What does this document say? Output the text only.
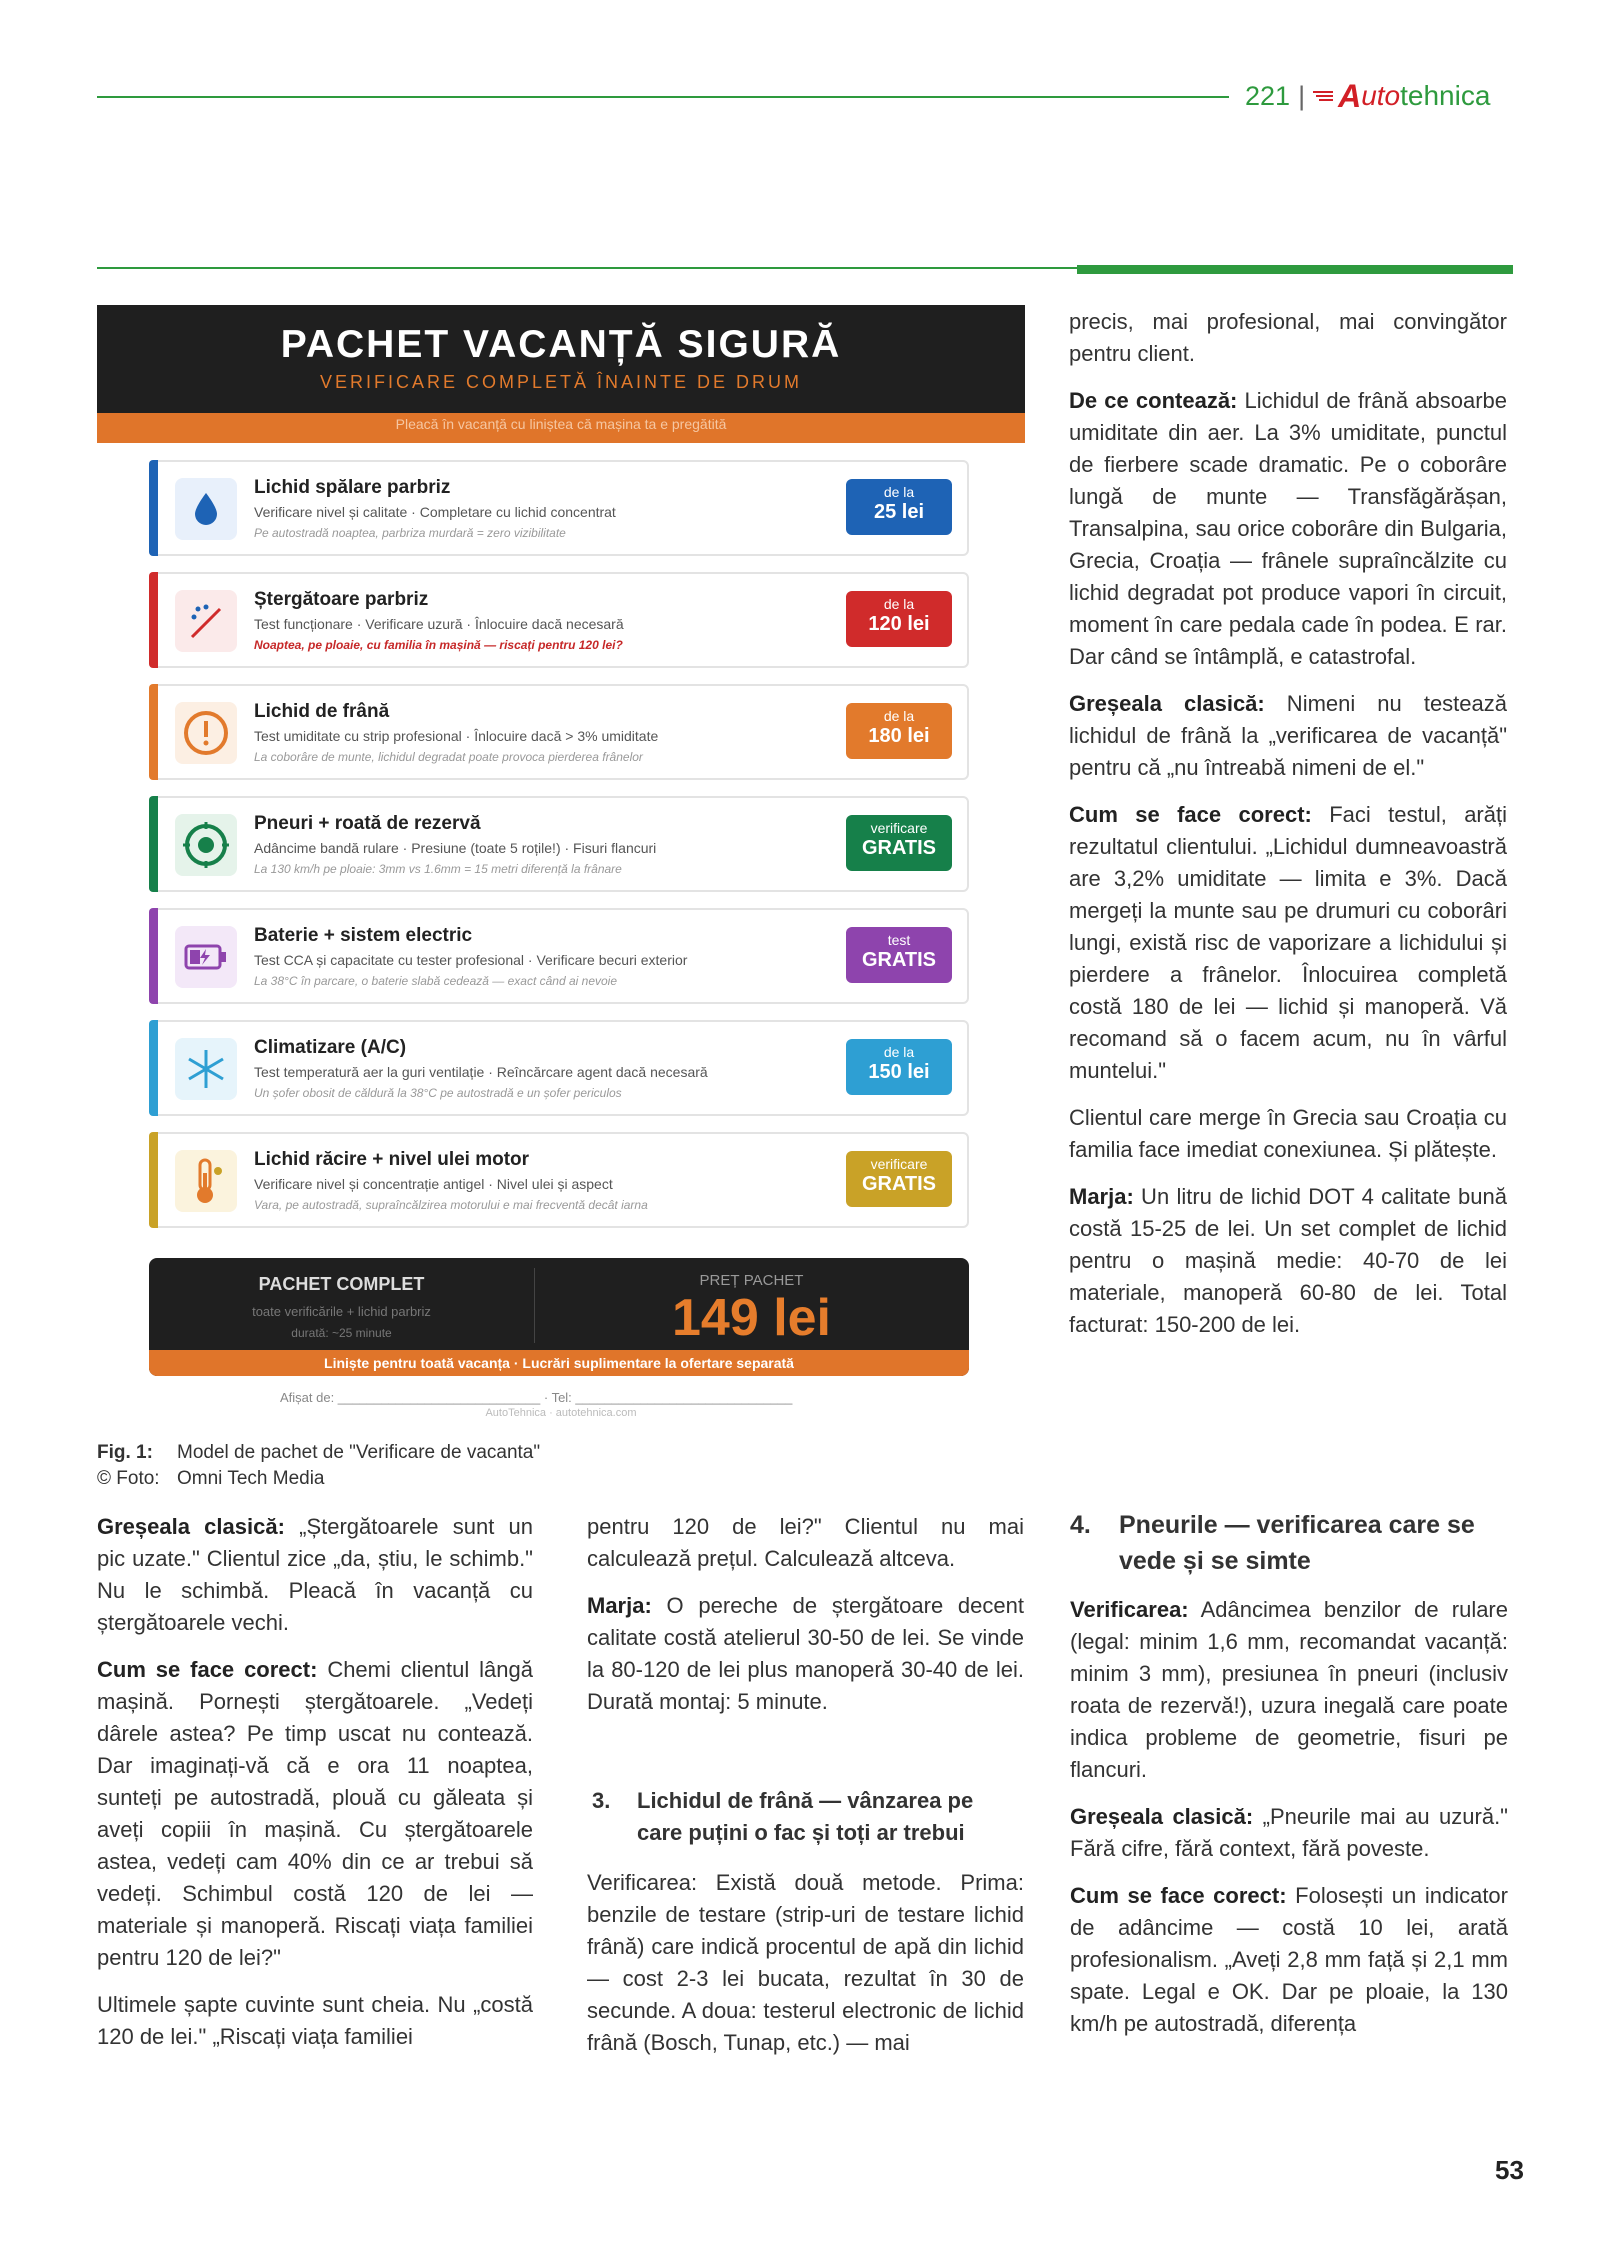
221 | A uto tehnica
PACHET VACANȚĂ SIGURĂ
VERIFICARE COMPLETĂ ÎNAINTE DE DRUM
Pleacă în vacanță cu liniștea că mașina ta e pregătită
Lichid spălare parbriz
Verificare nivel și calitate · Completare cu lichid concentrat
Pe autostradă noaptea, parbriza murdară = zero vizibilitate
de la
25 lei
Ștergătoare parbriz
Test funcționare · Verificare uzură · Înlocuire dacă necesară
Noaptea, pe ploaie, cu familia în mașină — riscați pentru 120 lei?
de la
120 lei
Lichid de frână
Test umiditate cu strip profesional · Înlocuire dacă > 3% umiditate
La coborâre de munte, lichidul degradat poate provoca pierderea frânelor
de la
180 lei
Pneuri + roată de rezervă
Adâncime bandă rulare · Presiune (toate 5 roțile!) · Fisuri flancuri
La 130 km/h pe ploaie: 3mm vs 1.6mm = 15 metri diferență la frânare
verificare
GRATIS
Baterie + sistem electric
Test CCA și capacitate cu tester profesional · Verificare becuri exterior
La 38°C în parcare, o baterie slabă cedează — exact când ai nevoie
test
GRATIS
Climatizare (A/C)
Test temperatură aer la guri ventilație · Reîncărcare agent dacă necesară
Un șofer obosit de căldură la 38°C pe autostradă e un șofer periculos
de la
150 lei
Lichid răcire + nivel ulei motor
Verificare nivel și concentrație antigel · Nivel ulei și aspect
Vara, pe autostradă, supraîncălzirea motorului e mai frecventă decât iarna
verificare
GRATIS
PACHET COMPLET
toate verificările + lichid parbriz
durată: ~25 minute
PREȚ PACHET
149 lei
Liniște pentru toată vacanța · Lucrări suplimentare la ofertare separată
Afișat de: ____________________________ · Tel: ______________________________
AutoTehnica · autotehnica.com
Fig. 1: Model de pachet de "Verificare de vacanta"
© Foto: Omni Tech Media

precis, mai profesional, mai convingător pentru client.

De ce contează: Lichidul de frână absoarbe umiditate din aer. La 3% umiditate, punctul de fierbere scade dramatic. Pe o coborâre lungă de munte — Transfăgărășan, Transalpina, sau orice coborâre din Bulgaria, Grecia, Croația — frânele supraîncălzite cu lichid degradat pot produce vapori în circuit, moment în care pedala cade în podea. E rar. Dar când se întâmplă, e catastrofal.

Greșeala clasică: Nimeni nu testează lichidul de frână la „verificarea de vacanță" pentru că „nu întreabă nimeni de el."

Cum se face corect: Faci testul, arăți rezultatul clientului. „Lichidul dumneavoastră are 3,2% umiditate — limita e 3%. Dacă mergeți la munte sau pe drumuri cu coborâri lungi, există risc de vaporizare a lichidului și pierdere a frânelor. Înlocuirea completă costă 180 de lei — lichid și manoperă. Vă recomand să o facem acum, nu în vârful muntelui."

Clientul care merge în Grecia sau Croația cu familia face imediat conexiunea. Și plătește.

Marja: Un litru de lichid DOT 4 calitate bună costă 15-25 de lei. Un set complet de lichid pentru o mașină medie: 40-70 de lei materiale, manoperă 60-80 de lei. Total facturat: 150-200 de lei.

Greșeala clasică: „Ștergătoarele sunt un pic uzate." Clientul zice „da, știu, le schimb." Nu le schimbă. Pleacă în vacanță cu ștergătoarele vechi.

Cum se face corect: Chemi clientul lângă mașină. Pornești ștergătoarele. „Vedeți dârele astea? Pe timp uscat nu contează. Dar imaginați-vă că e ora 11 noaptea, sunteți pe autostradă, plouă cu găleata și aveți copiii în mașină. Cu ștergătoarele astea, vedeți cam 40% din ce ar trebui să vedeți. Schimbul costă 120 de lei — materiale și manoperă. Riscați viața familiei pentru 120 de lei?"

Ultimele șapte cuvinte sunt cheia. Nu „costă 120 de lei." „Riscați viața familiei

pentru 120 de lei?" Clientul nu mai calculează prețul. Calculează altceva.

Marja: O pereche de ștergătoare decent calitate costă atelierul 30-50 de lei. Se vinde la 80-120 de lei plus manoperă 30-40 de lei. Durată montaj: 5 minute.

3. Lichidul de frână — vânzarea pe care puțini o fac și toți ar trebui

Verificarea: Există două metode. Prima: benzile de testare (strip-uri de testare lichid frână) care indică procentul de apă din lichid — cost 2-3 lei bucata, rezultat în 30 de secunde. A doua: testerul electronic de lichid frână (Bosch, Tunap, etc.) — mai

4. Pneurile — verificarea care se vede și se simte

Verificarea: Adâncimea benzilor de rulare (legal: minim 1,6 mm, recomandat vacanță: minim 3 mm), presiunea în pneuri (inclusiv roata de rezervă!), uzura inegală care poate indica probleme de geometrie, fisuri pe flancuri.

Greșeala clasică: „Pneurile mai au uzură." Fără cifre, fără context, fără poveste.

Cum se face corect: Folosești un indicator de adâncime — costă 10 lei, arată profesionalism. „Aveți 2,8 mm față și 2,1 mm spate. Legal e OK. Dar pe ploaie, la 130 km/h pe autostradă, diferența

53
